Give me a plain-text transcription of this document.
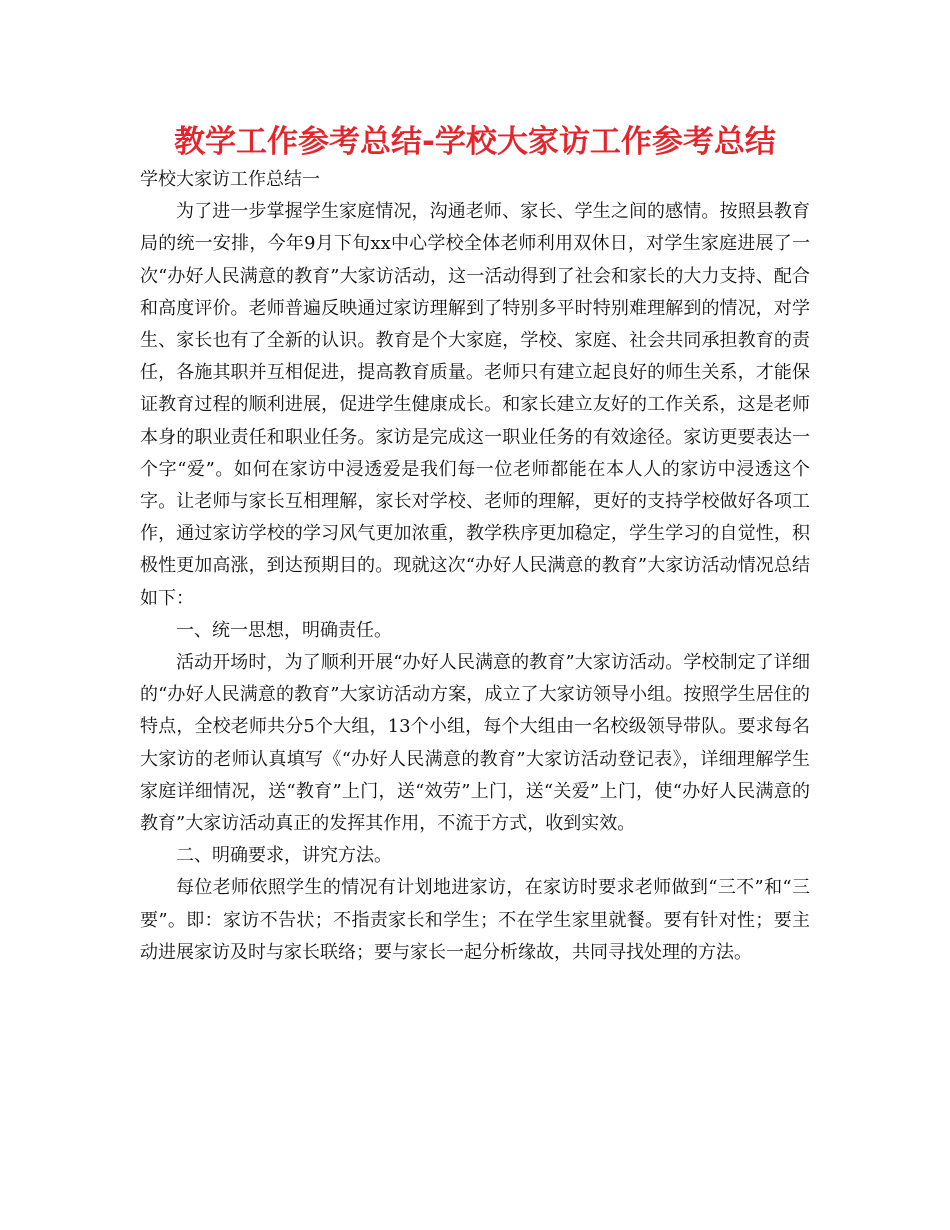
教学工作参考总结-学校大家访工作参考总结

学校大家访工作总结一

为了进一步掌握学生家庭情况，沟通老师、家长、学生之间的感情。按照县教育局的统一安排，今年9月下旬xx中心学校全体老师利用双休日，对学生家庭进展了一次“办好人民满意的教育”大家访活动，这一活动得到了社会和家长的大力支持、配合和高度评价。老师普遍反映通过家访理解到了特别多平时特别难理解到的情况，对学生、家长也有了全新的认识。教育是个大家庭，学校、家庭、社会共同承担教育的责任，各施其职并互相促进，提高教育质量。老师只有建立起良好的师生关系，才能保证教育过程的顺利进展，促进学生健康成长。和家长建立友好的工作关系，这是老师本身的职业责任和职业任务。家访是完成这一职业任务的有效途径。家访更要表达一个字“爱”。如何在家访中浸透爱是我们每一位老师都能在本人人的家访中浸透这个字。让老师与家长互相理解，家长对学校、老师的理解，更好的支持学校做好各项工作，通过家访学校的学习风气更加浓重，教学秩序更加稳定，学生学习的自觉性，积极性更加高涨，到达预期目的。现就这次“办好人民满意的教育”大家访活动情况总结如下：

一、统一思想，明确责任。

活动开场时，为了顺利开展“办好人民满意的教育”大家访活动。学校制定了详细的“办好人民满意的教育”大家访活动方案，成立了大家访领导小组。按照学生居住的特点，全校老师共分5个大组，13个小组，每个大组由一名校级领导带队。要求每名大家访的老师认真填写《“办好人民满意的教育”大家访活动登记表》，详细理解学生家庭详细情况，送“教育”上门，送“效劳”上门，送“关爱”上门，使“办好人民满意的教育”大家访活动真正的发挥其作用，不流于方式，收到实效。

二、明确要求，讲究方法。

每位老师依照学生的情况有计划地进家访，在家访时要求老师做到“三不”和“三要”。即：家访不告状；不指责家长和学生；不在学生家里就餐。要有针对性；要主动进展家访及时与家长联络；要与家长一起分析缘故，共同寻找处理的方法。
